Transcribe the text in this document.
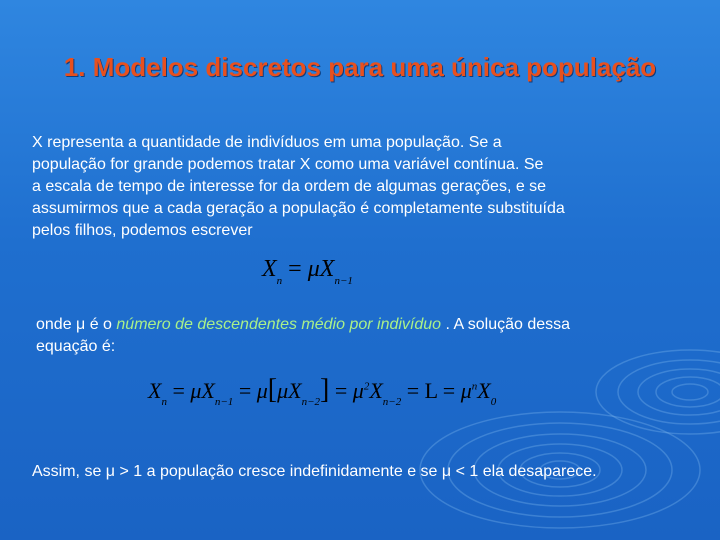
1. Modelos discretos para uma única população
X representa a quantidade de indivíduos em uma população. Se a
população for grande podemos tratar X como uma variável contínua. Se
a escala de tempo de interesse for da ordem de algumas gerações, e se
assumirmos que a cada geração a população é completamente substituída
pelos filhos, podemos escrever
$X_n = \mu X_{n-1}$
onde μ é o número de descendentes médio por indivíduo . A solução dessa
equação é:
$X_n = \mu X_{n-1} = \mu[\mu X_{n-2}] = \mu^2X_{n-2} = L = \mu^nX_0$
Assim, se μ > 1 a população cresce indefinidamente e se μ < 1 ela desaparece.
